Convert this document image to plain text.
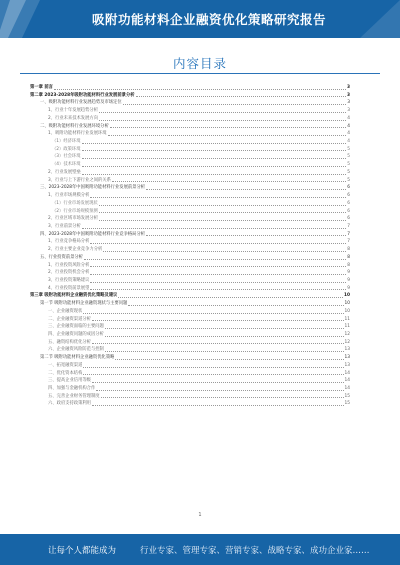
吸附功能材料企业融资优化策略研究报告
内容目录
第一章 前言	3
第二章 2023-2028年吸附功能材料行业发展前景分析	3
一、吸附功能材料行业发展趋势及市场定位	3
1、行业十年发展趋势分析	3
2、行业未来技术发展方向	4
二、吸附功能材料行业发展环境分析	4
1、吸附功能材料行业发展环境	4
（1）经济环境	4
（2）政策环境	5
（3）社会环境	5
（4）技术环境	5
2、行业发展壁垒	5
3、行业与上下游行业之间的关系	5
三、2023-2028年中国吸附功能材料行业发展前景分析	6
1、行业市场规模分析	6
（1）行业市场发展现状	6
（2）行业市场规模预测	6
2、行业区域市场发展分析	6
3、行业前景分析	7
四、2023-2028年中国吸附功能材料行业竞争格局分析	7
1、行业竞争格局分析	7
2、行业主要企业竞争力分析	8
五、行业投资前景分析	8
1、行业投资风险分析	8
2、行业投资机会分析	9
3、行业投资策略建议	9
4、行业投资前景展望	9
第三章 吸附功能材料企业融资优化策略及建议	10
第一节 吸附功能材料企业融资现状与主要问题	10
一、企业融资现状	10
二、企业融资渠道分析	11
三、企业融资面临的主要问题	11
四、企业融资问题的成因分析	12
五、融资结构优化分析	12
六、企业融资风险防范与控制	13
第二节 吸附功能材料企业融资优化策略	13
一、拓宽融资渠道	13
二、优化资本结构	14
三、提高企业信用等级	14
四、加强与金融机构合作	14
五、完善企业财务管理制度	15
六、政府支持政策利用	15
1
让每个人都能成为	行业专家、管理专家、营销专家、战略专家、成功企业家……
